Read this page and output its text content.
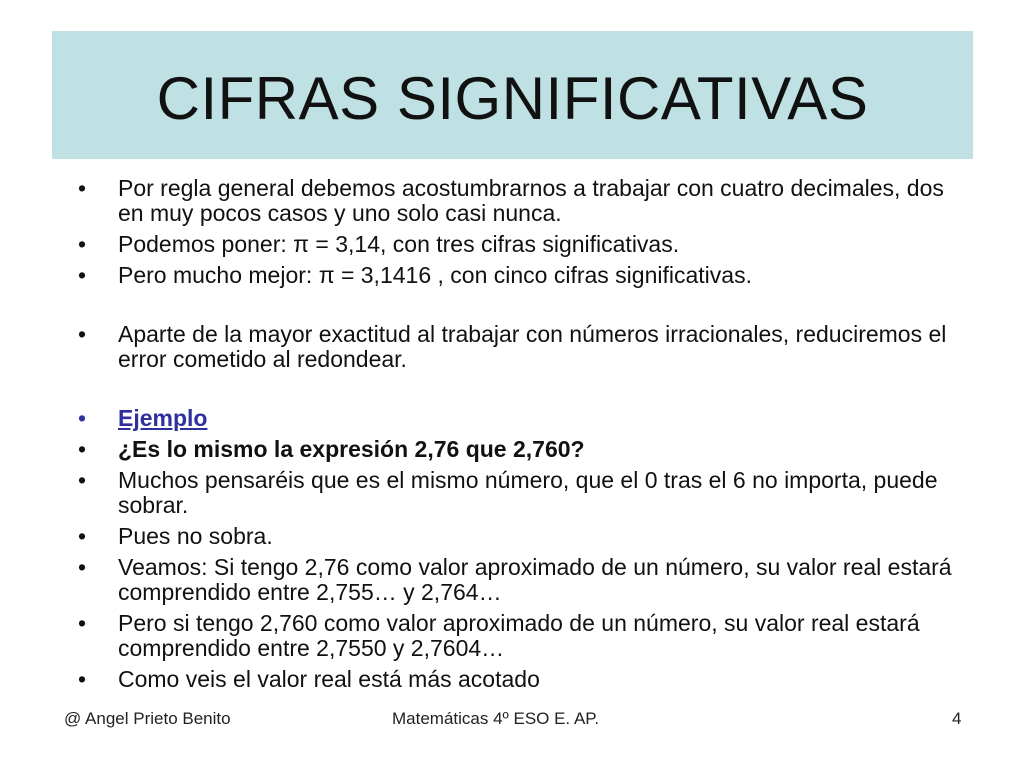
CIFRAS SIGNIFICATIVAS
• Por regla general debemos acostumbrarnos a trabajar con cuatro decimales, dos en muy pocos casos y uno solo casi nunca.
• Podemos poner: π = 3,14, con tres cifras significativas.
• Pero mucho mejor: π = 3,1416 , con cinco cifras significativas.
• Aparte de la mayor exactitud al trabajar con números irracionales, reduciremos el error cometido al redondear.
• Ejemplo
• ¿Es lo mismo la expresión 2,76 que 2,760?
• Muchos pensaréis que es el mismo número, que el 0 tras el 6 no importa, puede sobrar.
• Pues no sobra.
• Veamos: Si tengo 2,76 como valor aproximado de un número, su valor real estará comprendido entre 2,755… y 2,764…
• Pero si tengo 2,760 como valor aproximado de un número, su valor real estará comprendido entre 2,7550 y 2,7604…
• Como veis el valor real está más acotado
@ Angel Prieto Benito	Matemáticas 4º ESO E. AP.	4
